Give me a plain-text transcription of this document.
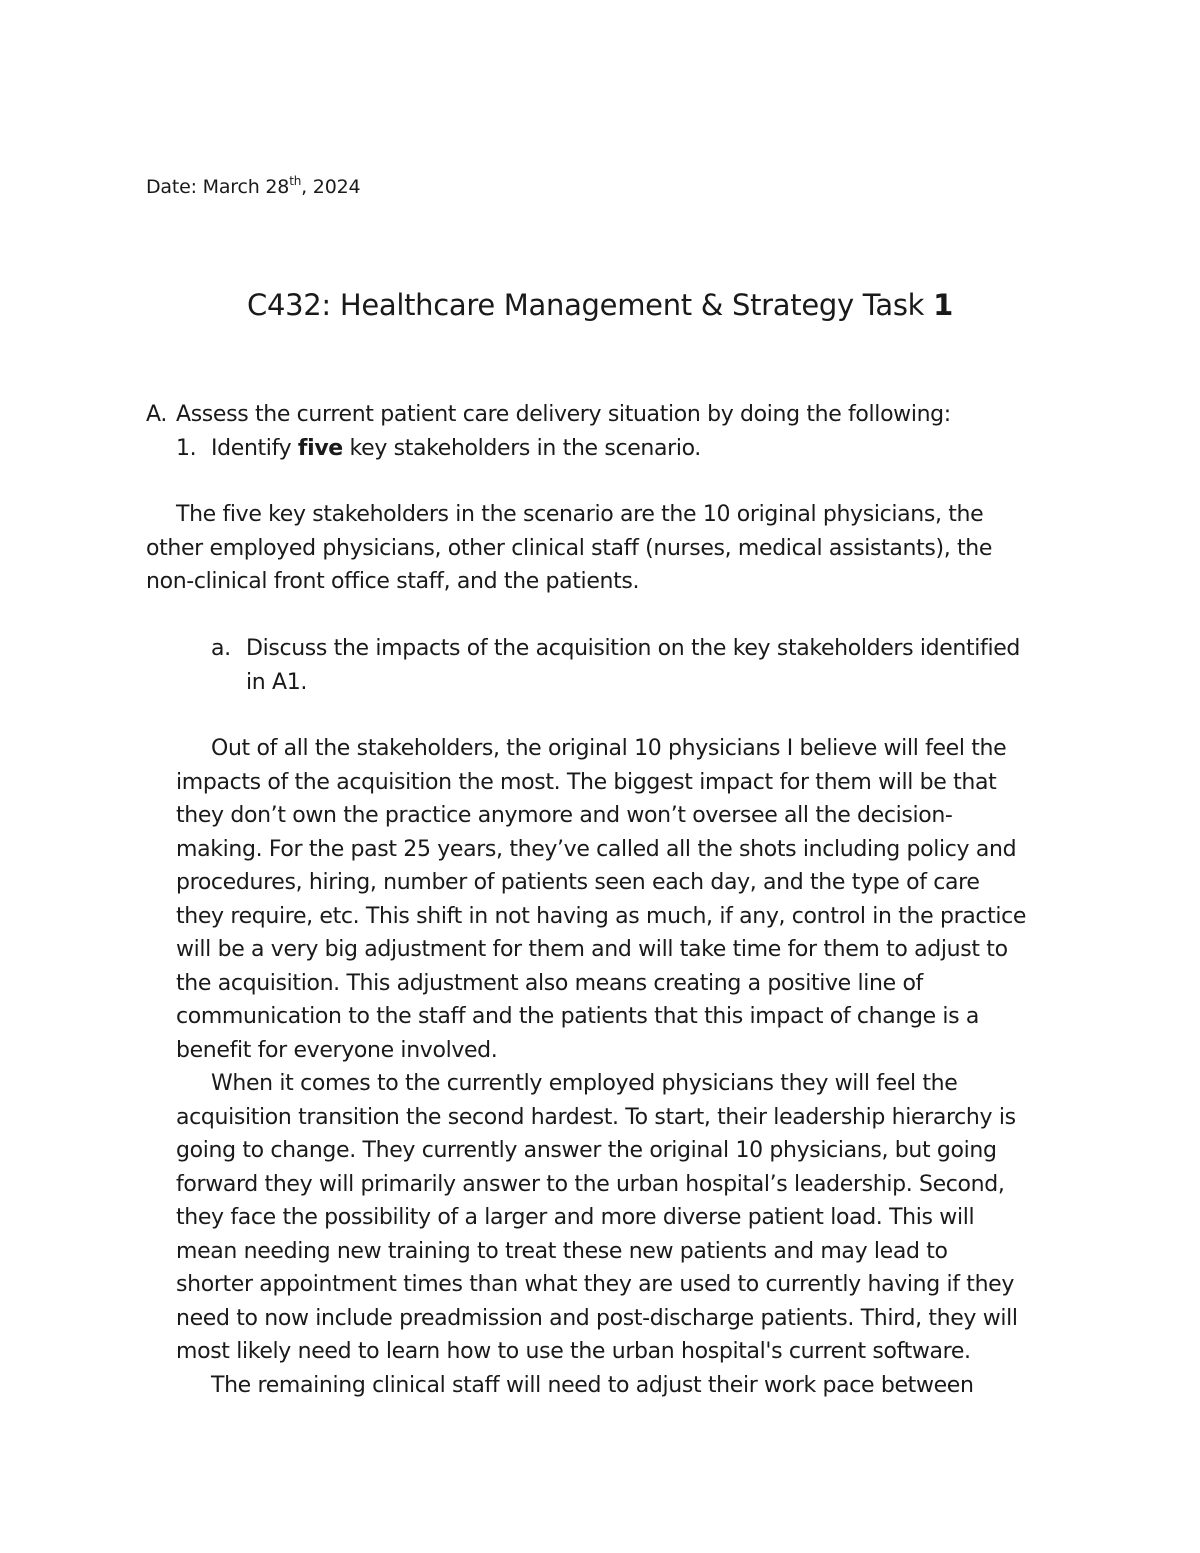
Date: March 28th, 2024
C432: Healthcare Management & Strategy Task 1
A. Assess the current patient care delivery situation by doing the following:
1. Identify five key stakeholders in the scenario.
The five key stakeholders in the scenario are the 10 original physicians, the
other employed physicians, other clinical staff (nurses, medical assistants), the
non-clinical front office staff, and the patients.
a. Discuss the impacts of the acquisition on the key stakeholders identified
in A1.
Out of all the stakeholders, the original 10 physicians I believe will feel the
impacts of the acquisition the most. The biggest impact for them will be that
they don’t own the practice anymore and won’t oversee all the decision-
making. For the past 25 years, they’ve called all the shots including policy and
procedures, hiring, number of patients seen each day, and the type of care
they require, etc. This shift in not having as much, if any, control in the practice
will be a very big adjustment for them and will take time for them to adjust to
the acquisition. This adjustment also means creating a positive line of
communication to the staff and the patients that this impact of change is a
benefit for everyone involved.
When it comes to the currently employed physicians they will feel the
acquisition transition the second hardest. To start, their leadership hierarchy is
going to change. They currently answer the original 10 physicians, but going
forward they will primarily answer to the urban hospital’s leadership. Second,
they face the possibility of a larger and more diverse patient load. This will
mean needing new training to treat these new patients and may lead to
shorter appointment times than what they are used to currently having if they
need to now include preadmission and post-discharge patients. Third, they will
most likely need to learn how to use the urban hospital's current software.
The remaining clinical staff will need to adjust their work pace between
